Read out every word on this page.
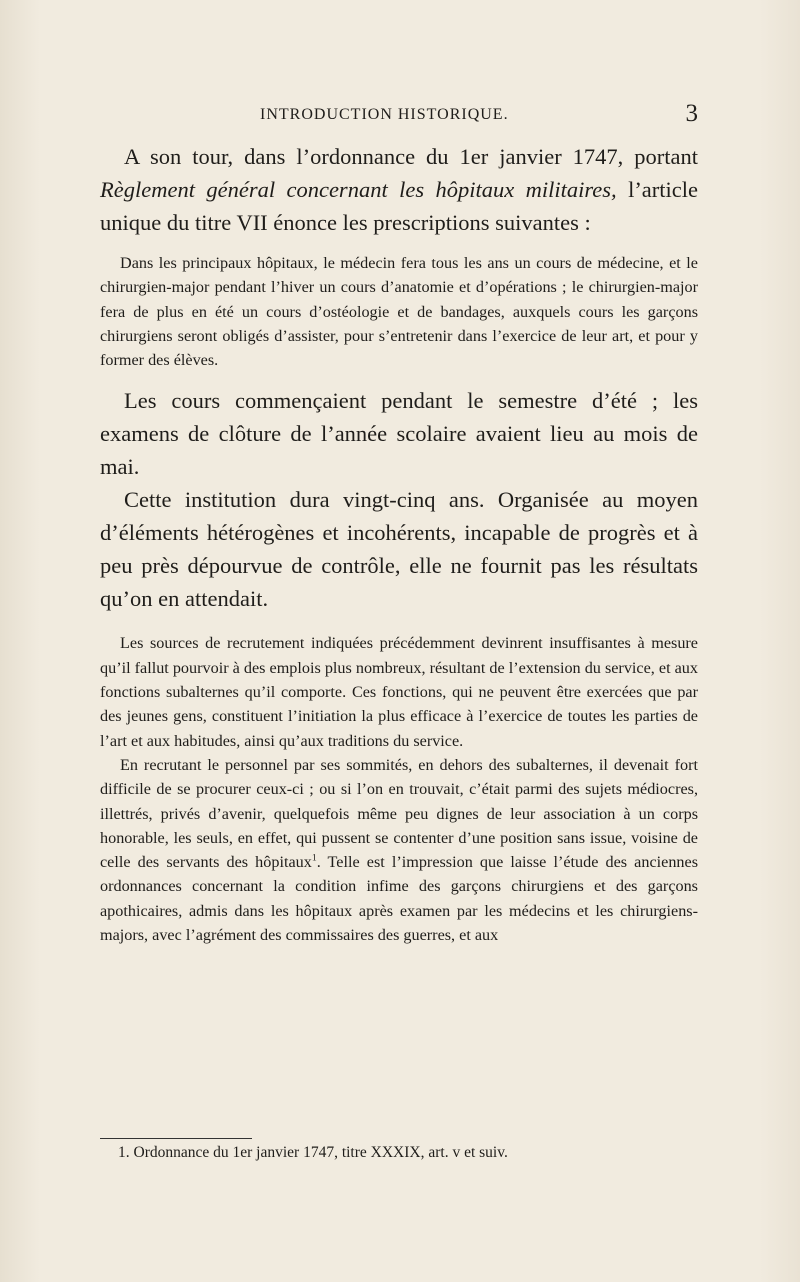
INTRODUCTION HISTORIQUE.	3

A son tour, dans l’ordonnance du 1er janvier 1747, portant Règlement général concernant les hôpitaux militaires, l’article unique du titre VII énonce les prescriptions suivantes :

Dans les principaux hôpitaux, le médecin fera tous les ans un cours de médecine, et le chirurgien-major pendant l’hiver un cours d’anatomie et d’opérations ; le chirurgien-major fera de plus en été un cours d’ostéologie et de bandages, auxquels cours les garçons chirurgiens seront obligés d’assister, pour s’entretenir dans l’exercice de leur art, et pour y former des élèves.

Les cours commençaient pendant le semestre d’été ; les examens de clôture de l’année scolaire avaient lieu au mois de mai.

Cette institution dura vingt-cinq ans. Organisée au moyen d’éléments hétérogènes et incohérents, incapable de progrès et à peu près dépourvue de contrôle, elle ne fournit pas les résultats qu’on en attendait.

Les sources de recrutement indiquées précédemment devinrent insuffisantes à mesure qu’il fallut pourvoir à des emplois plus nombreux, résultant de l’extension du service, et aux fonctions subalternes qu’il comporte. Ces fonctions, qui ne peuvent être exercées que par des jeunes gens, constituent l’initiation la plus efficace à l’exercice de toutes les parties de l’art et aux habitudes, ainsi qu’aux traditions du service.

En recrutant le personnel par ses sommités, en dehors des subalternes, il devenait fort difficile de se procurer ceux-ci ; ou si l’on en trouvait, c’était parmi des sujets médiocres, illettrés, privés d’avenir, quelquefois même peu dignes de leur association à un corps honorable, les seuls, en effet, qui pussent se contenter d’une position sans issue, voisine de celle des servants des hôpitaux$^1$. Telle est l’impression que laisse l’étude des anciennes ordonnances concernant la condition infime des garçons chirurgiens et des garçons apothicaires, admis dans les hôpitaux après examen par les médecins et les chirurgiens-majors, avec l’agrément des commissaires des guerres, et aux

1. Ordonnance du 1er janvier 1747, titre XXXIX, art. v et suiv.
